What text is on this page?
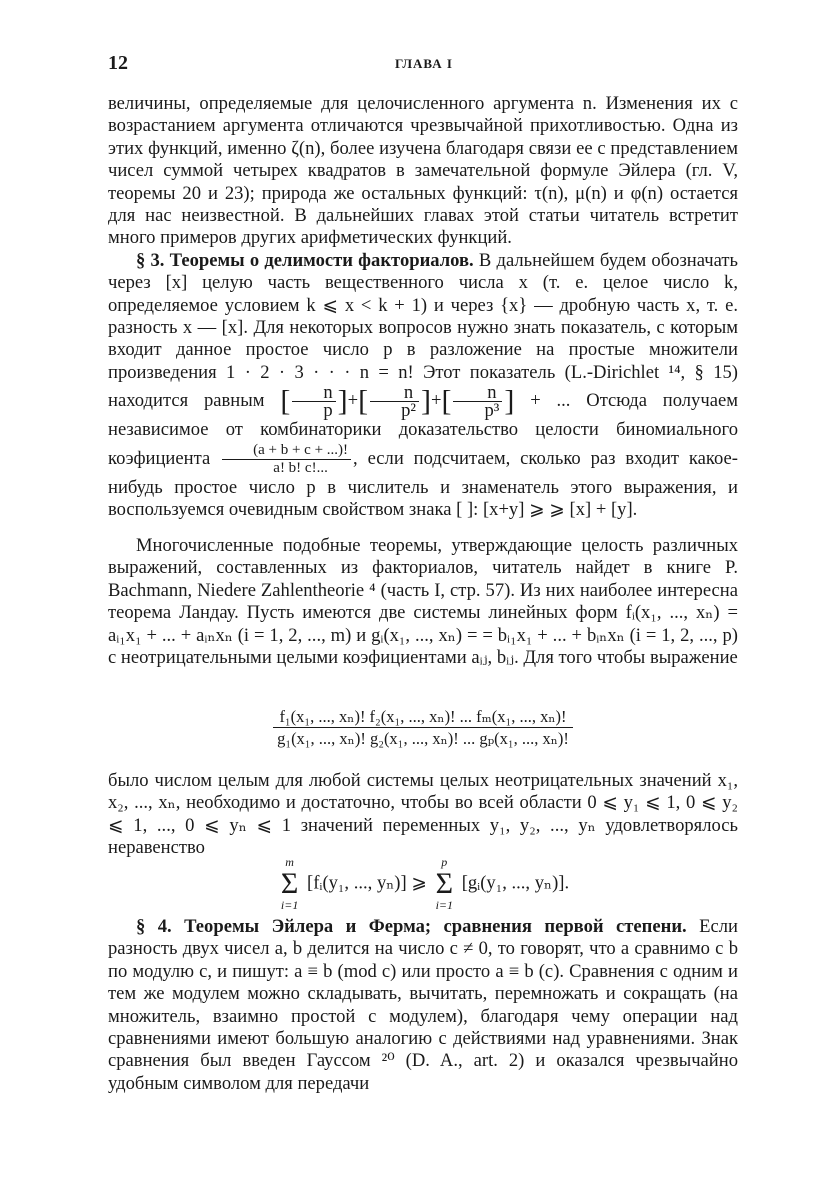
12	ГЛАВА I
величины, определяемые для целочисленного аргумента n. Изменения их с возрастанием аргумента отличаются чрезвычайной прихотливостью. Одна из этих функций, именно ζ(n), более изучена благодаря связи ее с представлением чисел суммой четырех квадратов в замечательной формуле Эйлера (гл. V, теоремы 20 и 23); природа же остальных функций: τ(n), μ(n) и φ(n) остается для нас неизвестной. В дальнейших главах этой статьи читатель встретит много примеров других арифметических функций.
§ 3. Теоремы о делимости факториалов. В дальнейшем будем обозначать через [x] целую часть вещественного числа x (т. е. целое число k, определяемое условием k ⩽ x < k + 1) и через {x} — дробную часть x, т. е. разность x — [x]. Для некоторых вопросов нужно знать показатель, с которым входит данное простое число p в разложение на простые множители произведения 1 · 2 · 3 · · · n = n! Этот показатель (L.-Dirichlet ¹⁴, § 15) находится равным [ $\frac{n}{p}$ ]+[ $\frac{n}{\text{p²}}$ ]+[ $\frac{n}{\text{p³}}$ ] + ... Отсюда получаем независимое от комбинаторики доказательство целости биномиального коэфициента $\frac{(a + b + c + ...)!}{a! b! c!...}$ , если подсчитаем, сколько раз входит какое-нибудь простое число p в числитель и знаменатель этого выражения, и воспользуемся очевидным свойством знака [ ]: [x+y] ⩾ ⩾ [x] + [y].
Многочисленные подобные теоремы, утверждающие целость различных выражений, составленных из факториалов, читатель найдет в книге P. Bachmann, Niedere Zahlentheorie ⁴ (часть I, стр. 57). Из них наиболее интересна теорема Ландау. Пусть имеются две системы линейных форм fᵢ(x₁, ..., xₙ) = aᵢ₁x₁ + ... + aᵢₙxₙ (i = 1, 2, ..., m) и gᵢ(x₁, ..., xₙ) = = bᵢ₁x₁ + ... + bᵢₙxₙ (i = 1, 2, ..., p) с неотрицательными целыми коэфициентами aᵢⱼ, bᵢⱼ. Для того чтобы выражение
$\frac{\text{f₁(x₁, ..., xₙ)! f₂(x₁, ..., xₙ)! ... fₘ(x₁, ..., xₙ)!}}{\text{g₁(x₁, ..., xₙ)! g₂(x₁, ..., xₙ)! ... gₚ(x₁, ..., xₙ)!}}$
было числом целым для любой системы целых неотрицательных значений x₁, x₂, ..., xₙ, необходимо и достаточно, чтобы во всей области 0 ⩽ y₁ ⩽ 1, 0 ⩽ y₂ ⩽ 1, ..., 0 ⩽ yₙ ⩽ 1 значений переменных y₁, y₂, ..., yₙ удовлетворялось неравенство
m
Σ
i=1
[fᵢ(y₁, ..., yₙ)] ⩾
p
Σ
i=1
[gᵢ(y₁, ..., yₙ)].
§ 4. Теоремы Эйлера и Ферма; сравнения первой степени. Если разность двух чисел a, b делится на число c ≠ 0, то говорят, что a сравнимо с b по модулю c, и пишут: a ≡ b (mod c) или просто a ≡ b (c). Сравнения с одним и тем же модулем можно складывать, вычитать, перемножать и сокращать (на множитель, взаимно простой с модулем), благодаря чему операции над сравнениями имеют большую аналогию с действиями над уравнениями. Знак сравнения был введен Гауссом ²⁰ (D. A., art. 2) и оказался чрезвычайно удобным символом для передачи
